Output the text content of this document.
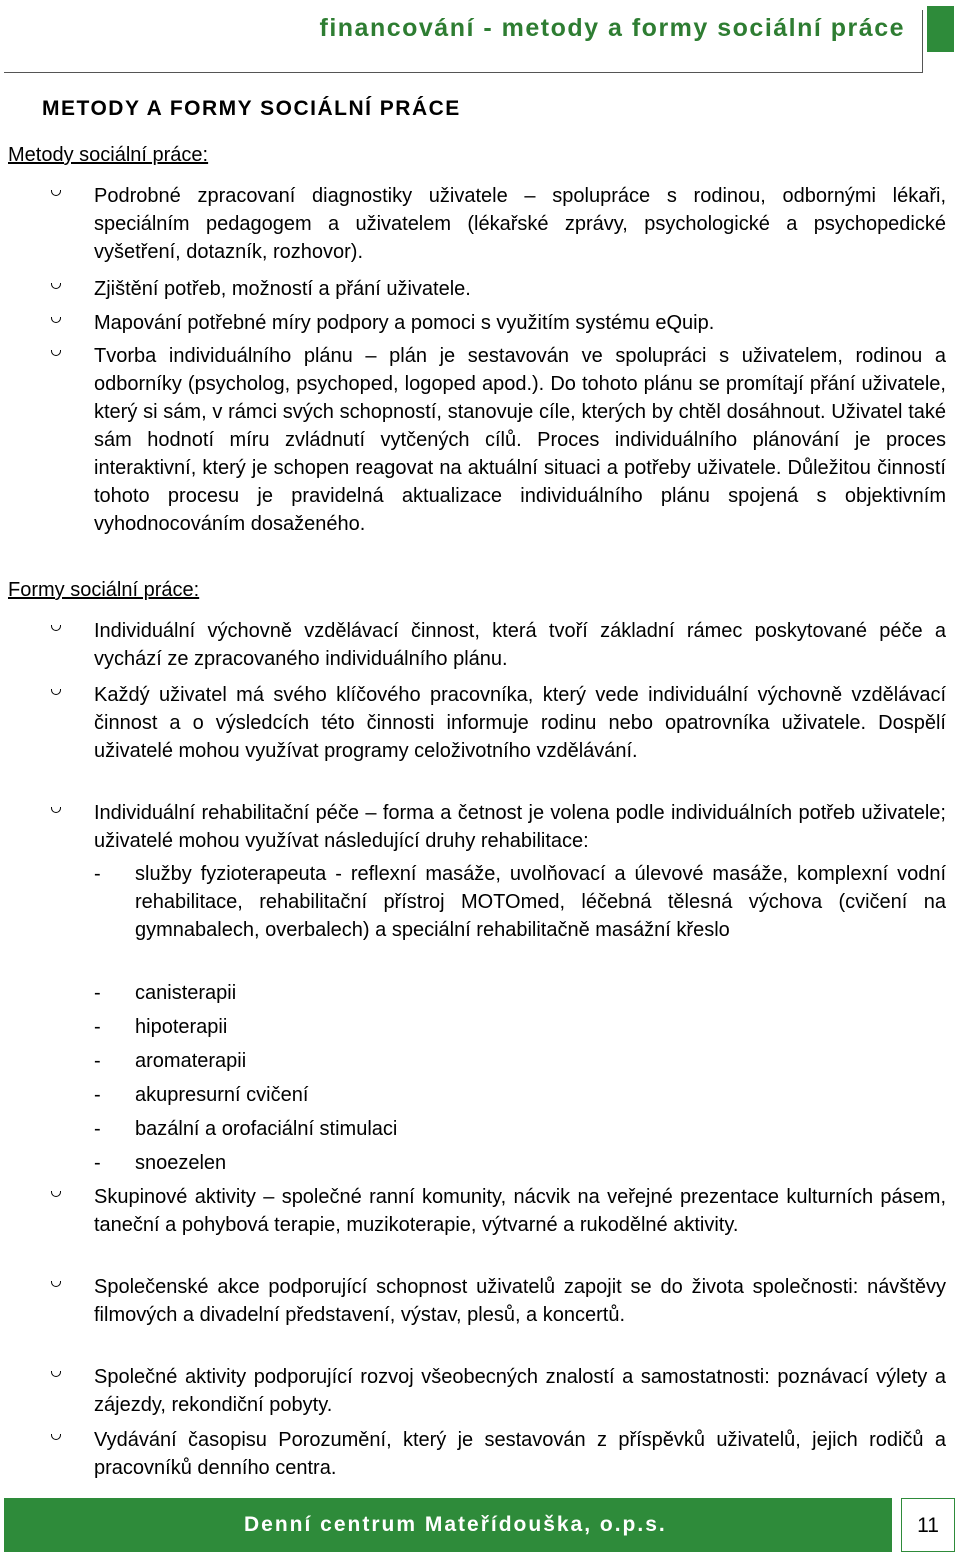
financování - metody a formy sociální práce
METODY A FORMY SOCIÁLNÍ PRÁCE
Metody sociální práce:
Podrobné zpracovaní diagnostiky uživatele – spolupráce s rodinou, odbornými lékaři, speciálním pedagogem a uživatelem (lékařské zprávy, psychologické a psychopedické vyšetření, dotazník, rozhovor).
Zjištění potřeb, možností a přání uživatele.
Mapování potřebné míry podpory a pomoci s využitím systému eQuip.
Tvorba individuálního plánu – plán je sestavován ve spolupráci s uživatelem, rodinou a odborníky (psycholog, psychoped, logoped apod.). Do tohoto plánu se promítají přání uživatele, který si sám, v rámci svých schopností, stanovuje cíle, kterých by chtěl dosáhnout. Uživatel také sám hodnotí míru zvládnutí vytčených cílů. Proces individuálního plánování je proces interaktivní, který je schopen reagovat na aktuální situaci a potřeby uživatele. Důležitou činností tohoto procesu je pravidelná aktualizace individuálního plánu spojená s objektivním vyhodnocováním dosaženého.
Formy sociální práce:
Individuální výchovně vzdělávací činnost, která tvoří základní rámec poskytované péče a vychází ze zpracovaného individuálního plánu.
Každý uživatel má svého klíčového pracovníka, který vede individuální výchovně vzdělávací činnost a o výsledcích této činnosti informuje rodinu nebo opatrovníka uživatele. Dospělí uživatelé mohou využívat programy celoživotního vzdělávání.
Individuální rehabilitační péče – forma a četnost je volena podle individuálních potřeb uživatele; uživatelé mohou využívat následující druhy rehabilitace:
- služby fyzioterapeuta - reflexní masáže, uvolňovací a úlevové masáže, komplexní vodní rehabilitace, rehabilitační přístroj MOTOmed, léčebná tělesná výchova (cvičení na gymnabalech, overbalech) a speciální rehabilitačně masážní křeslo
- canisterapii
- hipoterapii
- aromaterapii
- akupresurní cvičení
- bazální a orofaciální stimulaci
- snoezelen
Skupinové aktivity – společné ranní komunity, nácvik na veřejné prezentace kulturních pásem, taneční a pohybová terapie, muzikoterapie, výtvarné a rukodělné aktivity.
Společenské akce podporující schopnost uživatelů zapojit se do života společnosti: návštěvy filmových a divadelní představení, výstav, plesů, a koncertů.
Společné aktivity podporující rozvoj všeobecných znalostí a samostatnosti: poznávací výlety a zájezdy, rekondiční pobyty.
Vydávání časopisu Porozumění, který je sestavován z příspěvků uživatelů, jejich rodičů a pracovníků denního centra.
Denní centrum Mateřídouška, o.p.s.	11
